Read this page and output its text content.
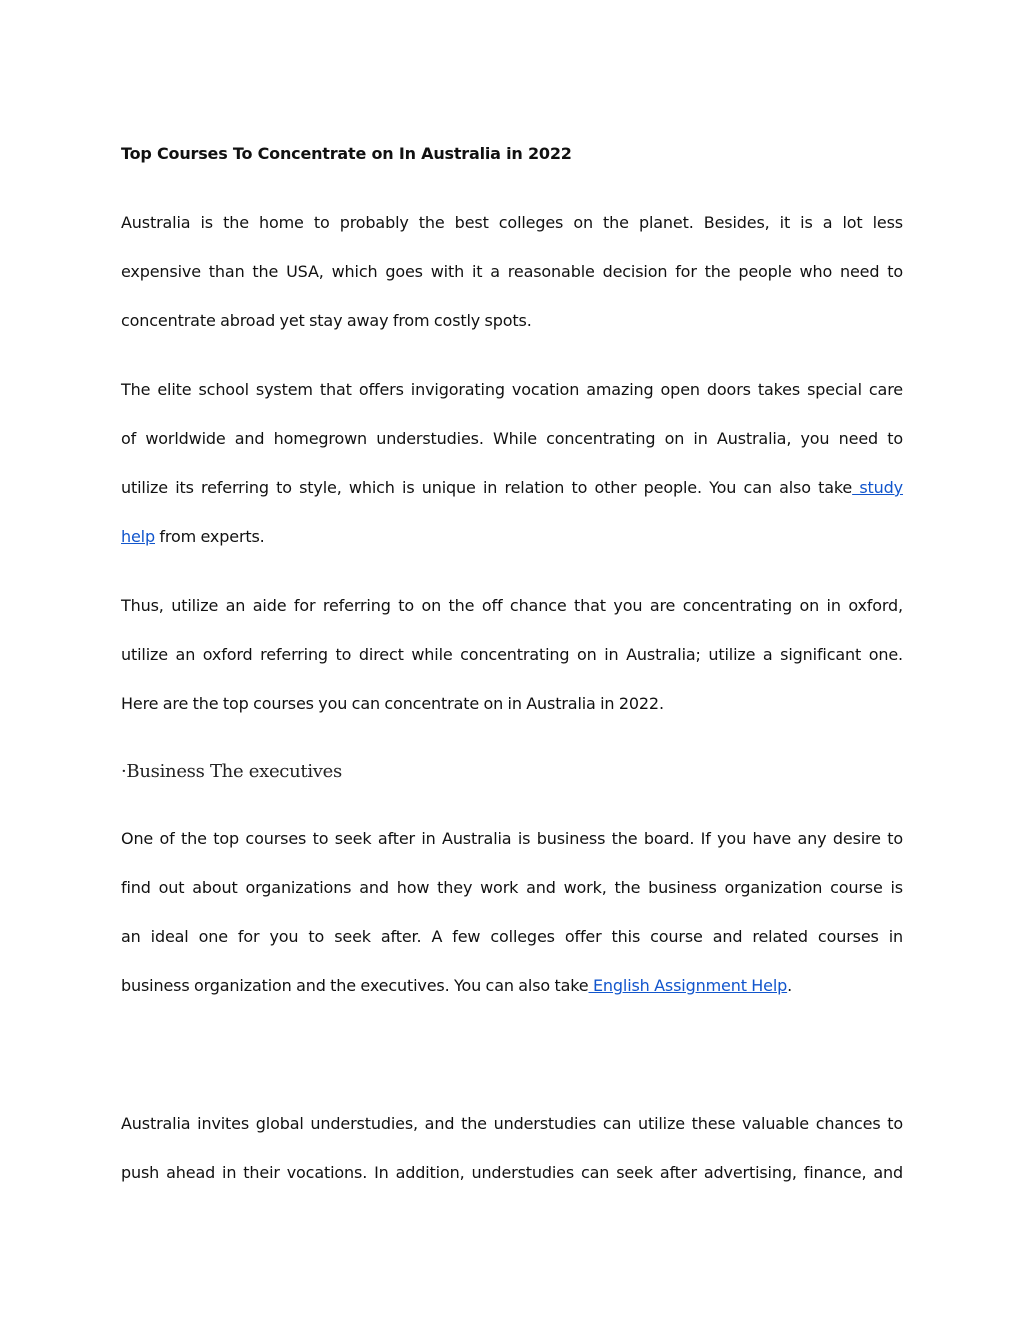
Top Courses To Concentrate on In Australia in 2022
Australia is the home to probably the best colleges on the planet. Besides, it is a lot less
expensive than the USA, which goes with it a reasonable decision for the people who need to
concentrate abroad yet stay away from costly spots.
The elite school system that offers invigorating vocation amazing open doors takes special care
of worldwide and homegrown understudies. While concentrating on in Australia, you need to
utilize its referring to style, which is unique in relation to other people. You can also take study
help from experts.
Thus, utilize an aide for referring to on the off chance that you are concentrating on in oxford,
utilize an oxford referring to direct while concentrating on in Australia; utilize a significant one.
Here are the top courses you can concentrate on in Australia in 2022.
·Business The executives
One of the top courses to seek after in Australia is business the board. If you have any desire to
find out about organizations and how they work and work, the business organization course is
an ideal one for you to seek after. A few colleges offer this course and related courses in
business organization and the executives. You can also take English Assignment Help.
Australia invites global understudies, and the understudies can utilize these valuable chances to
push ahead in their vocations. In addition, understudies can seek after advertising, finance, and
